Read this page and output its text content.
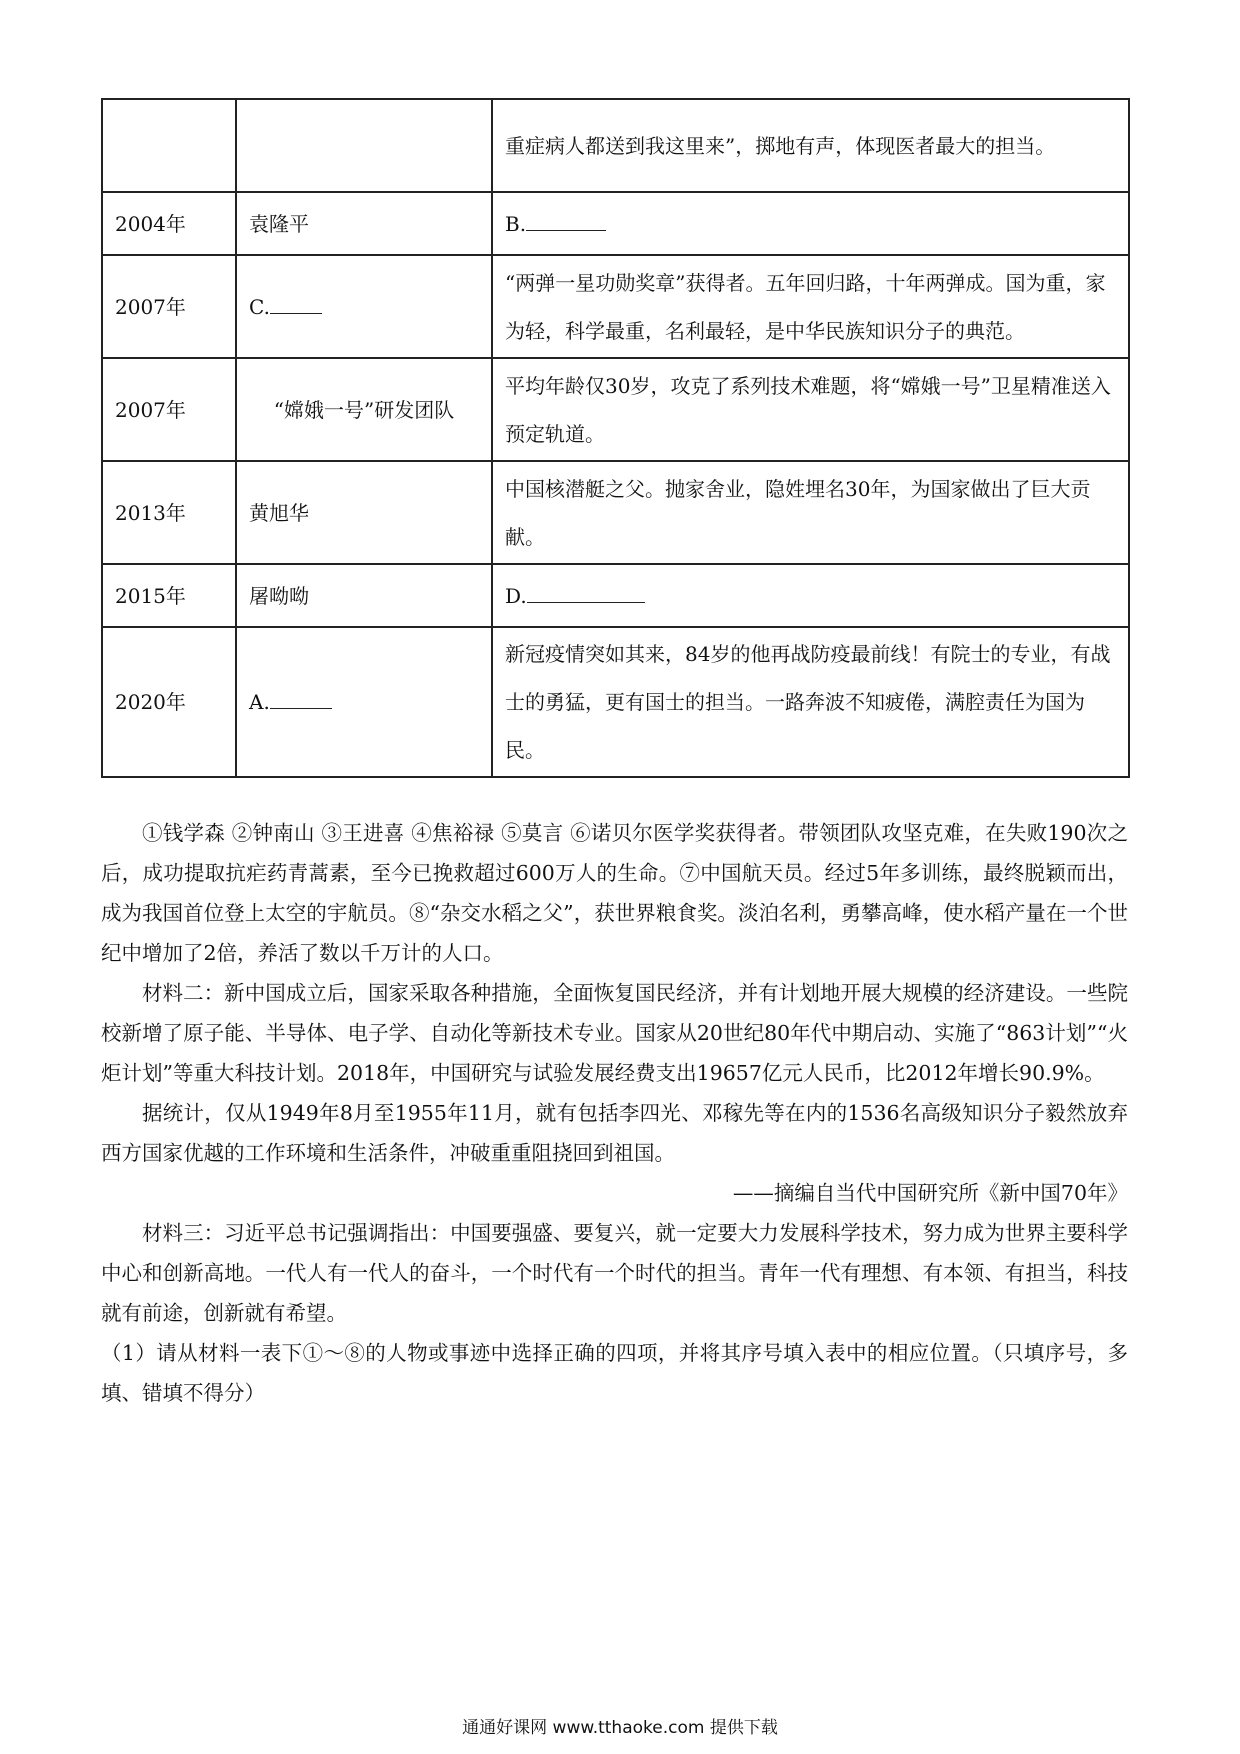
		重症病人都送到我这里来”，掷地有声，体现医者最大的担当。
2004年	袁隆平	B.
2007年	C.	“两弹一星功勋奖章”获得者。五年回归路，十年两弹成。国为重，家为轻，科学最重，名利最轻，是中华民族知识分子的典范。
2007年	“嫦娥一号”研发团队	平均年龄仅30岁，攻克了系列技术难题，将“嫦娥一号”卫星精准送入预定轨道。
2013年	黄旭华	中国核潜艇之父。抛家舍业，隐姓埋名30年，为国家做出了巨大贡献。
2015年	屠呦呦	D.
2020年	A.	新冠疫情突如其来，84岁的他再战防疫最前线！有院士的专业，有战士的勇猛，更有国士的担当。一路奔波不知疲倦，满腔责任为国为民。

①钱学森 ②钟南山 ③王进喜 ④焦裕禄 ⑤莫言 ⑥诺贝尔医学奖获得者。带领团队攻坚克难，在失败190次之后，成功提取抗疟药青蒿素，至今已挽救超过600万人的生命。⑦中国航天员。经过5年多训练，最终脱颖而出，成为我国首位登上太空的宇航员。⑧“杂交水稻之父”，获世界粮食奖。淡泊名利，勇攀高峰，使水稻产量在一个世纪中增加了2倍，养活了数以千万计的人口。

材料二：新中国成立后，国家采取各种措施，全面恢复国民经济，并有计划地开展大规模的经济建设。一些院校新增了原子能、半导体、电子学、自动化等新技术专业。国家从20世纪80年代中期启动、实施了“863计划”“火炬计划”等重大科技计划。2018年，中国研究与试验发展经费支出19657亿元人民币，比2012年增长90.9%。

据统计，仅从1949年8月至1955年11月，就有包括李四光、邓稼先等在内的1536名高级知识分子毅然放弃西方国家优越的工作环境和生活条件，冲破重重阻挠回到祖国。

——摘编自当代中国研究所《新中国70年》

材料三：习近平总书记强调指出：中国要强盛、要复兴，就一定要大力发展科学技术，努力成为世界主要科学中心和创新高地。一代人有一代人的奋斗，一个时代有一个时代的担当。青年一代有理想、有本领、有担当，科技就有前途，创新就有希望。

（1）请从材料一表下①～⑧的人物或事迹中选择正确的四项，并将其序号填入表中的相应位置。（只填序号，多填、错填不得分）

通通好课网 www.tthaoke.com 提供下载
